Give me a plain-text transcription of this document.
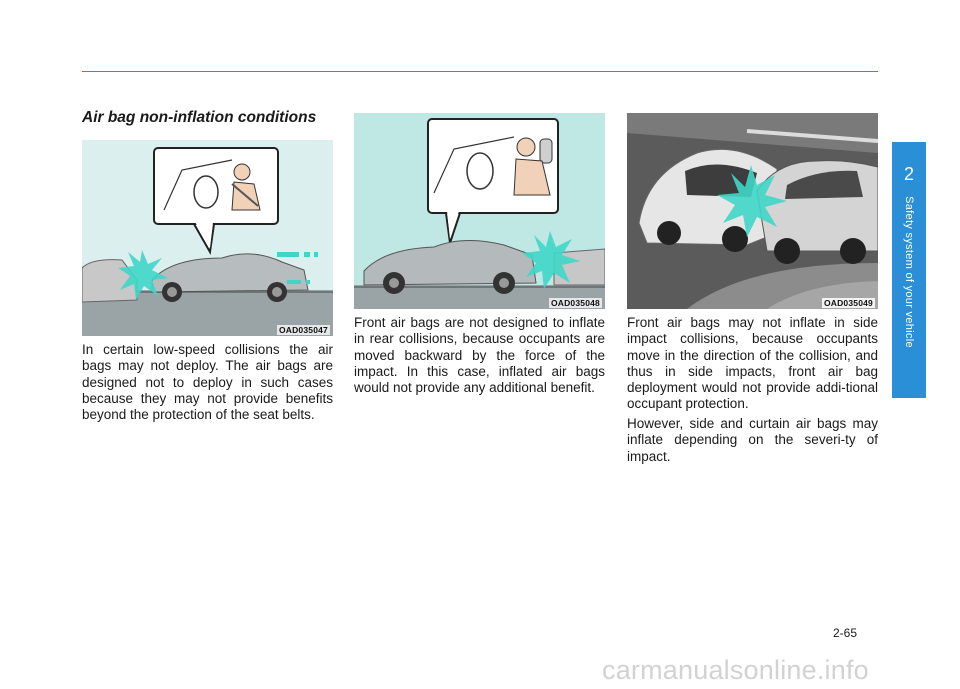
Air bag non-inflation conditions
OAD035047
OAD035048	OAD035049

In certain low-speed collisions the air bags may not deploy. The air bags are designed not to deploy in such cases because they may not provide benefits beyond the protection of the seat belts.

Front air bags are not designed to inflate in rear collisions, because occupants are moved backward by the force of the impact. In this case, inflated air bags would not provide any additional benefit.

Front air bags may not inflate in side impact collisions, because occupants move in the direction of the collision, and thus in side impacts, front air bag deployment would not provide addi-tional occupant protection.

However, side and curtain air bags may inflate depending on the severi-ty of impact.

2
Safety system of your vehicle
2-65
carmanualsonline.info
